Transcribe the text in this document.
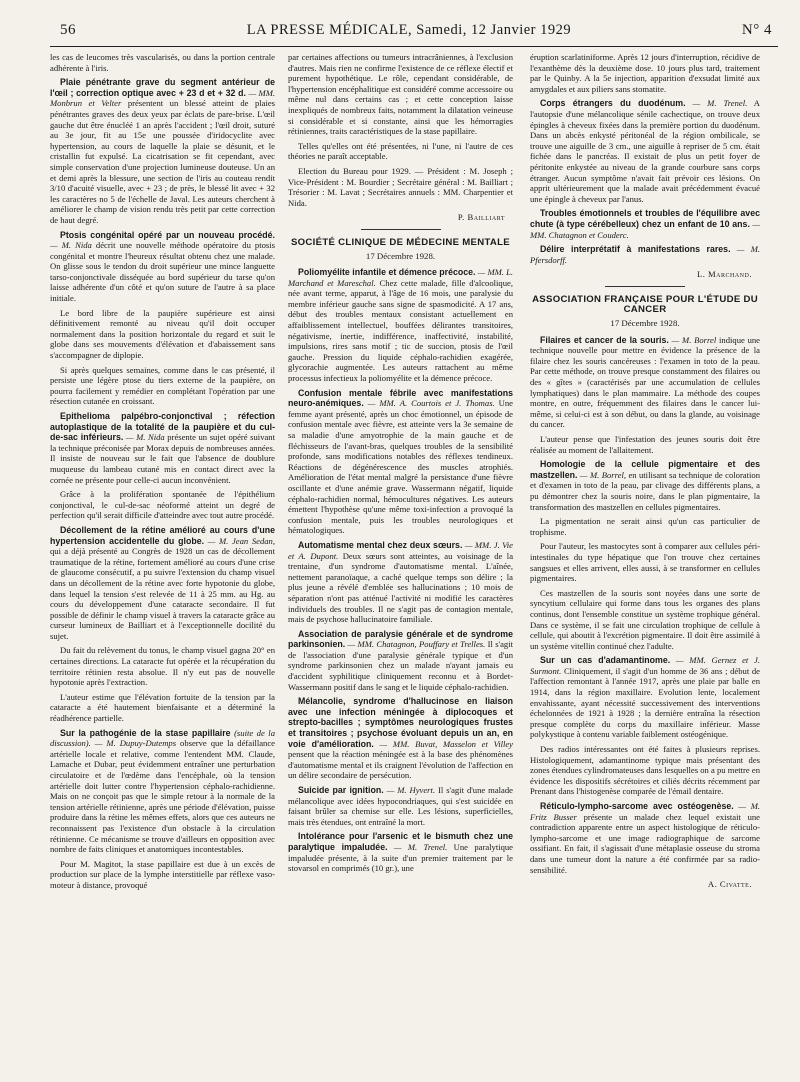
56	LA PRESSE MÉDICALE, Samedi, 12 Janvier 1929	N° 4

les cas de leucomes très vascularisés, ou dans la portion centrale adhérente à l'iris.

Plaie pénétrante grave du segment antérieur de l'œil ; correction optique avec + 23 d et + 32 d. — MM. Monbrun et Velter présentent un blessé atteint de plaies pénétrantes graves des deux yeux par éclats de pare-brise. L'œil gauche dut être énucléé 1 an après l'accident ; l'œil droit, suturé au 3e jour, fit au 15e une poussée d'iridocyclite avec hypertension, au cours de laquelle la plaie se désunit, et le cristallin fut expulsé. La cicatrisation se fit cependant, avec simple conservation d'une projection lumineuse douteuse. Un an et demi après la blessure, une section de l'iris au couteau rendit 3/10 d'acuité visuelle, avec + 23 ; de près, le blessé lit avec + 32 les caractères no 5 de l'échelle de Javal. Les auteurs cherchent à améliorer le champ de vision rendu très petit par cette correction de haut degré.

Ptosis congénital opéré par un nouveau procédé. — M. Nida décrit une nouvelle méthode opératoire du ptosis congénital et montre l'heureux résultat obtenu chez une malade. On glisse sous le tendon du droit supérieur une mince languette tarso-conjonctivale disséquée au bord supérieur du tarse qu'on laisse adhérente d'un côté et qu'on suture de l'autre à sa place initiale.

Le bord libre de la paupière supérieure est ainsi définitivement remonté au niveau qu'il doit occuper normalement dans la position horizontale du regard et suit le globe dans ses mouvements d'élévation et d'abaissement sans s'accompagner de diplopie.

Si après quelques semaines, comme dans le cas présenté, il persiste une légère ptose du tiers externe de la paupière, on pourra facilement y remédier en complétant l'opération par une résection cutanée en croissant.

Epithelioma palpébro-conjonctival ; réfection autoplastique de la totalité de la paupière et du cul-de-sac inférieurs. — M. Nida présente un sujet opéré suivant la technique préconisée par Morax depuis de nombreuses années. Il insiste de nouveau sur le fait que l'absence de doublure muqueuse du lambeau cutané mis en contact direct avec la cornée ne présente pour celle-ci aucun inconvénient.

Grâce à la prolifération spontanée de l'épithélium conjonctival, le cul-de-sac néoformé atteint un degré de perfection qu'il serait difficile d'atteindre avec tout autre procédé.

Décollement de la rétine amélioré au cours d'une hypertension accidentelle du globe. — M. Jean Sedan, qui a déjà présenté au Congrès de 1928 un cas de décollement traumatique de la rétine, fortement amélioré au cours d'une crise de glaucome consécutif, a pu suivre l'extension du champ visuel dans un décollement de la rétine avec forte hypotonie du globe, dans lequel la tension s'est relevée de 11 à 25 mm. au Hg. au cours du développement d'une cataracte secondaire. Il fut possible de définir le champ visuel à travers la cataracte grâce au curseur lumineux de Bailliart et à l'exceptionnelle docilité du sujet.

Du fait du relèvement du tonus, le champ visuel gagna 20° en certaines directions. La cataracte fut opérée et la récupération du territoire rétinien resta absolue. Il n'y eut pas de nouvelle hypotonie après l'extraction.

L'auteur estime que l'élévation fortuite de la tension par la cataracte a été hautement bienfaisante et a déterminé la réadhérence partielle.

Sur la pathogénie de la stase papillaire (suite de la discussion). — M. Dupuy-Dutemps observe que la défaillance artérielle locale et relative, comme l'entendent MM. Claude, Lamache et Dubar, peut évidemment entraîner une perturbation circulatoire et de l'œdème dans l'encéphale, où la tension artérielle doit lutter contre l'hypertension céphalo-rachidienne. Mais on ne conçoit pas que le simple retour à la normale de la tension artérielle rétinienne, après une période d'élévation, puisse produire dans la rétine les mêmes effets, alors que ces auteurs ne reconnaissent pas l'existence d'un obstacle à la circulation rétinienne. Ce mécanisme se trouve d'ailleurs en opposition avec nombre de faits cliniques et anatomiques incontestables.

Pour M. Magitot, la stase papillaire est due à un excès de production sur place de la lymphe interstitielle par réflexe vaso-moteur à distance, provoqué

par certaines affections ou tumeurs intracrâniennes, à l'exclusion d'autres. Mais rien ne confirme l'existence de ce réflexe électif et purement hypothétique. Le rôle, cependant considérable, de l'hypertension encéphalitique est considéré comme accessoire ou même nul dans certains cas ; et cette conception laisse inexpliqués de nombreux faits, notamment la dilatation veineuse si considérable et si constante, ainsi que les hémorragies rétiniennes, traits caractéristiques de la stase papillaire.

Telles qu'elles ont été présentées, ni l'une, ni l'autre de ces théories ne paraît acceptable.

Election du Bureau pour 1929. — Président : M. Joseph ; Vice-Président : M. Bourdier ; Secrétaire général : M. Bailliart ; Trésorier : M. Lavat ; Secrétaires annuels : MM. Charpentier et Nida.

P. Bailliart
SOCIÉTÉ CLINIQUE DE MÉDECINE MENTALE
17 Décembre 1928.

Poliomyélite infantile et démence précoce. — MM. L. Marchand et Mareschal. Chez cette malade, fille d'alcoolique, née avant terme, apparut, à l'âge de 16 mois, une paralysie du membre inférieur gauche sans signe de spasmodicité. A 17 ans, début des troubles mentaux consistant actuellement en affaiblissement intellectuel, bouffées délirantes transitoires, négativisme, inertie, indifférence, inaffectivité, instabilité, impulsions, rires sans motif ; tic de succion, ptosis de l'œil gauche. Pression du liquide céphalo-rachidien exagérée, glycorachie augmentée. Les auteurs rattachent au même processus infectieux la poliomyélite et la démence précoce.

Confusion mentale fébrile avec manifestations neuro-anémiques. — MM. A. Courtois et J. Thomas. Une femme ayant présenté, après un choc émotionnel, un épisode de confusion mentale avec fièvre, est atteinte vers la 3e semaine de sa maladie d'une amyotrophie de la main gauche et de fléchisseurs de l'avant-bras, quelques troubles de la sensibilité profonde, sans modifications notables des réflexes tendineux. Réactions de dégénérescence des muscles atrophiés. Amélioration de l'état mental malgré la persistance d'une fièvre oscillante et d'une anémie grave. Wassermann négatif, liquide céphalo-rachidien normal, hémocultures négatives. Les auteurs émettent l'hypothèse qu'une même toxi-infection a provoqué la confusion mentale, puis les troubles neurologiques et hématologiques.

Automatisme mental chez deux sœurs. — MM. J. Vie et A. Dupont. Deux sœurs sont atteintes, au voisinage de la trentaine, d'un syndrome d'automatisme mental. L'aînée, nettement paranoïaque, a caché quelque temps son délire ; la plus jeune a révélé d'emblée ses hallucinations ; 10 mois de séparation n'ont pas atténué l'activité ni modifié les caractères individuels des troubles. Il ne s'agit pas de contagion mentale, mais de psychose hallucinatoire familiale.

Association de paralysie générale et de syndrome parkinsonien. — MM. Chatagnon, Pouffary et Trelles. Il s'agit de l'association d'une paralysie générale typique et d'un syndrome parkinsonien chez un malade n'ayant jamais eu d'accident syphilitique cliniquement reconnu et à Bordet-Wassermann positif dans le sang et le liquide céphalo-rachidien.

Mélancolie, syndrome d'hallucinose en liaison avec une infection méningée à diplocoques et strepto-bacilles ; symptômes neurologiques frustes et transitoires ; psychose évoluant depuis un an, en voie d'amélioration. — MM. Buvat, Masselon et Villey pensent que la réaction méningée est à la base des phénomènes d'automatisme mental et ils craignent l'évolution de l'affection en un délire secondaire de persécution.

Suicide par ignition. — M. Hyvert. Il s'agit d'une malade mélancolique avec idées hypocondriaques, qui s'est suicidée en faisant brûler sa chemise sur elle. Les lésions, superficielles, mais très étendues, ont entraîné la mort.

Intolérance pour l'arsenic et le bismuth chez une paralytique impaludée. — M. Trenel. Une paralytique impaludée présente, à la suite d'un premier traitement par le stovarsol en comprimés (10 gr.), une

éruption scarlatiniforme. Après 12 jours d'interruption, récidive de l'exanthème dès la deuxième dose. 10 jours plus tard, traitement par le Quinby. A la 5e injection, apparition d'exsudat limité aux amygdales et aux piliers sans stomatite.

Corps étrangers du duodénum. — M. Trenel. A l'autopsie d'une mélancolique sénile cachectique, on trouve deux épingles à cheveux fixées dans la première portion du duodénum. Dans un abcès enkysté péritonéal de la région ombilicale, se trouve une aiguille de 3 cm., une aiguille à repriser de 5 cm. était fichée dans le pancréas. Il existait de plus un petit foyer de péritonite enkystée au niveau de la grande courbure sans corps étranger. Aucun symptôme n'avait fait prévoir ces lésions. On apprit ultérieurement que la malade avait précédemment évacué une épingle à cheveux par l'anus.

Troubles émotionnels et troubles de l'équilibre avec chute (à type cérébelleux) chez un enfant de 10 ans. — MM. Chatagnon et Couderc.

Délire interprétatif à manifestations rares. — M. Pfersdorff.

L. Marchand.
ASSOCIATION FRANÇAISE POUR L'ÉTUDE DU CANCER
17 Décembre 1928.

Filaires et cancer de la souris. — M. Borrel indique une technique nouvelle pour mettre en évidence la présence de la filaire chez les souris cancéreuses : l'examen in toto de la peau. Par cette méthode, on trouve presque constamment des filaires ou des « gîtes » (caractérisés par une accumulation de cellules lymphatiques) dans le plan mammaire. La méthode des coupes montre, en outre, fréquemment des filaires dans le cancer lui-même, si celui-ci est à son début, ou dans la glande, au voisinage du cancer.

L'auteur pense que l'infestation des jeunes souris doit être réalisée au moment de l'allaitement.

Homologie de la cellule pigmentaire et des mastzellen. — M. Borrel, en utilisant sa technique de coloration et d'examen in toto de la peau, par clivage des différents plans, a pu démontrer chez la souris noire, dans le plan pigmentaire, la transformation des mastzellen en cellules pigmentaires.

La pigmentation ne serait ainsi qu'un cas particulier de trophisme.

Pour l'auteur, les mastocytes sont à comparer aux cellules péri-intestinales du type hépatique que l'on trouve chez certaines sangsues et elles arrivent, elles aussi, à se transformer en cellules pigmentaires.

Ces mastzellen de la souris sont noyées dans une sorte de syncytium cellulaire qui forme dans tous les organes des plans continus, dont l'ensemble constitue un système trophique général. Dans ce système, il se fait une circulation trophique de cellule à cellule, qui aboutit à l'excrétion pigmentaire. Il doit être assimilé à un système vitellin continué chez l'adulte.

Sur un cas d'adamantinome. — MM. Gernez et J. Surmont. Cliniquement, il s'agit d'un homme de 36 ans ; début de l'affection remontant à l'année 1917, après une plaie par balle en 1914, dans la région maxillaire. Evolution lente, localement envahissante, ayant nécessité successivement des interventions échelonnées de 1921 à 1928 ; la dernière entraîna la résection presque complète du corps du maxillaire inférieur. Masse polykystique à contenu variable faiblement ostéogénique.

Des radios intéressantes ont été faites à plusieurs reprises. Histologiquement, adamantinome typique mais présentant des zones étendues cylindromateuses dans lesquelles on a pu mettre en évidence les dispositifs sécrétoires et ciliés décrits récemment par Prenant dans l'histogenèse comparée de l'émail dentaire.

Réticulo-lympho-sarcome avec ostéogenèse. — M. Fritz Busser présente un malade chez lequel existait une contradiction apparente entre un aspect histologique de réticulo-lympho-sarcome et une image radiographique de sarcome ossifiant. En fait, il s'agissait d'une métaplasie osseuse du stroma dans une tumeur dont la nature a été confirmée par sa radio-sensibilité.

A. Civatte.
